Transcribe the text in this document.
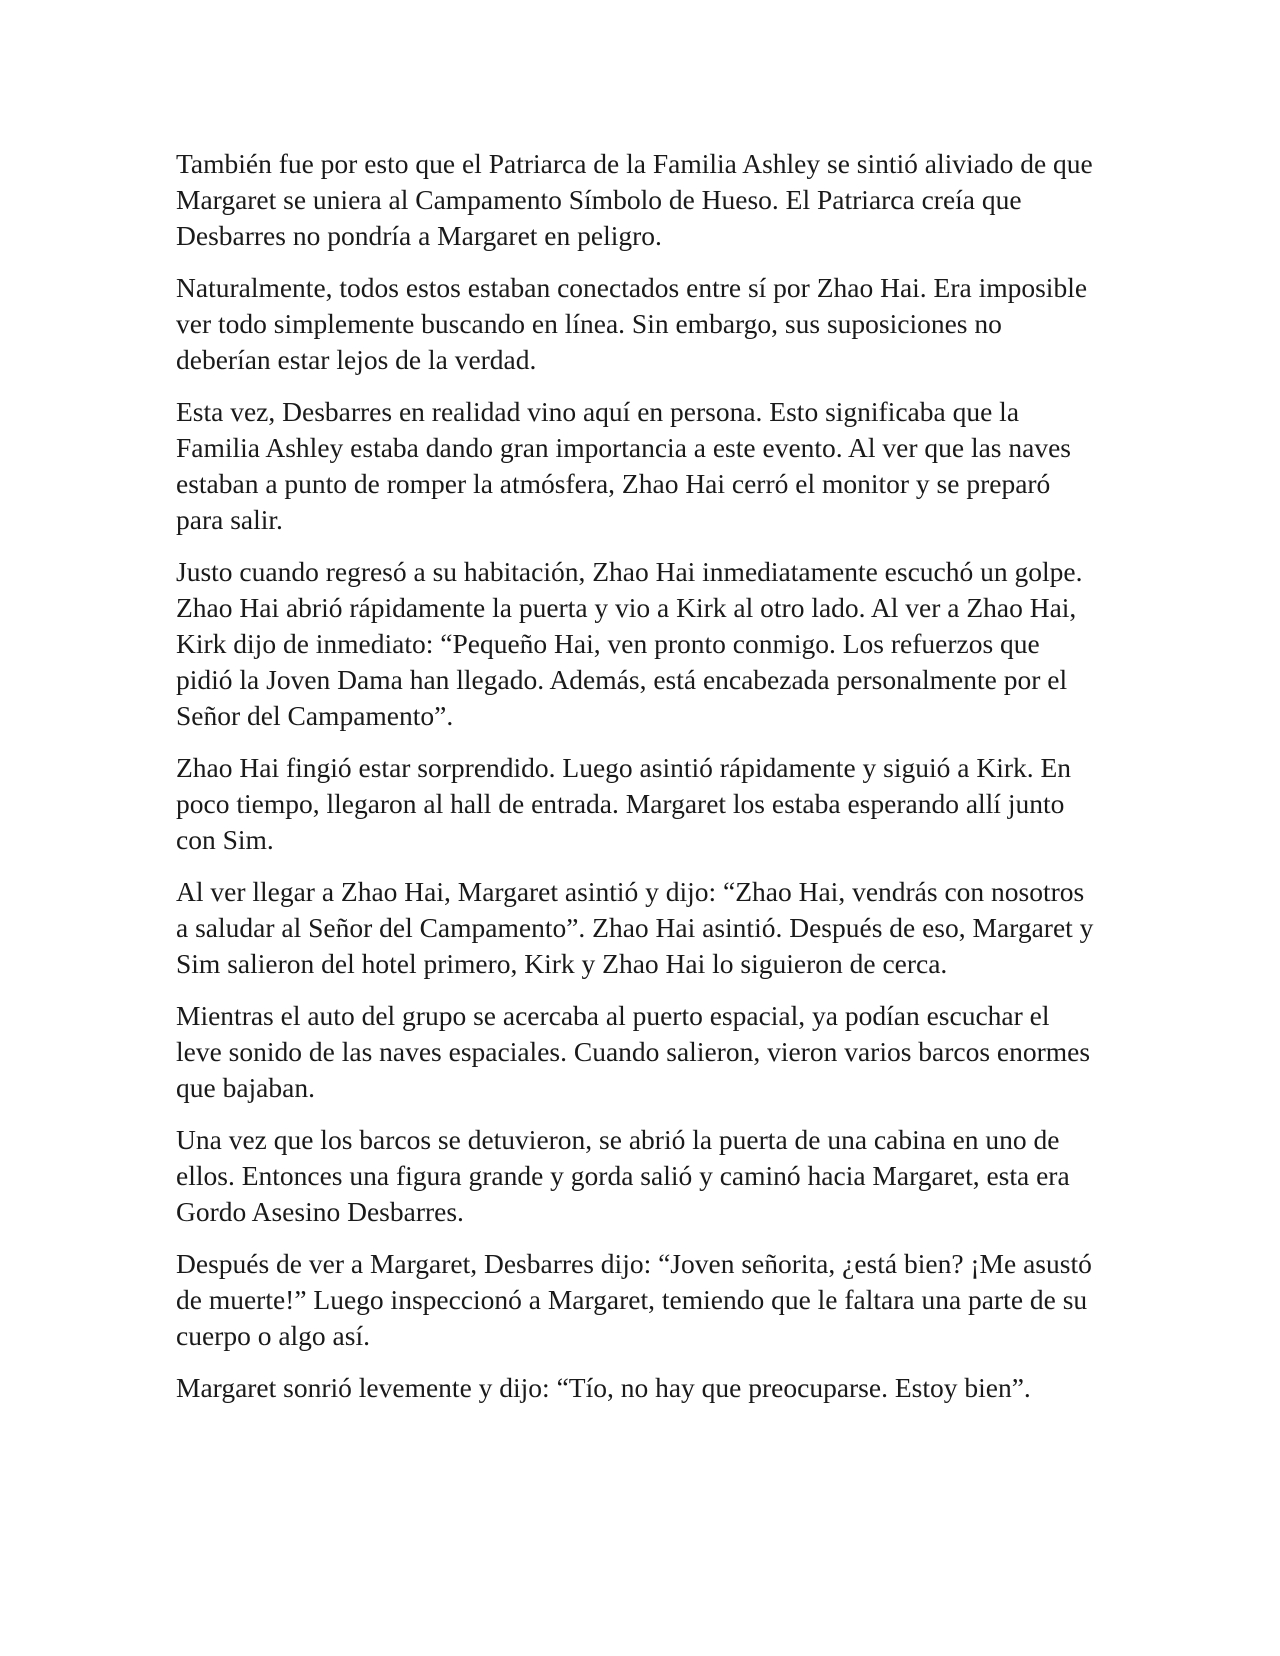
También fue por esto que el Patriarca de la Familia Ashley se sintió aliviado de que Margaret se uniera al Campamento Símbolo de Hueso. El Patriarca creía que Desbarres no pondría a Margaret en peligro.

Naturalmente, todos estos estaban conectados entre sí por Zhao Hai. Era imposible ver todo simplemente buscando en línea. Sin embargo, sus suposiciones no deberían estar lejos de la verdad.

Esta vez, Desbarres en realidad vino aquí en persona. Esto significaba que la Familia Ashley estaba dando gran importancia a este evento. Al ver que las naves estaban a punto de romper la atmósfera, Zhao Hai cerró el monitor y se preparó para salir.

Justo cuando regresó a su habitación, Zhao Hai inmediatamente escuchó un golpe. Zhao Hai abrió rápidamente la puerta y vio a Kirk al otro lado. Al ver a Zhao Hai, Kirk dijo de inmediato: “Pequeño Hai, ven pronto conmigo. Los refuerzos que pidió la Joven Dama han llegado. Además, está encabezada personalmente por el Señor del Campamento”.

Zhao Hai fingió estar sorprendido. Luego asintió rápidamente y siguió a Kirk. En poco tiempo, llegaron al hall de entrada. Margaret los estaba esperando allí junto con Sim.

Al ver llegar a Zhao Hai, Margaret asintió y dijo: “Zhao Hai, vendrás con nosotros a saludar al Señor del Campamento”. Zhao Hai asintió. Después de eso, Margaret y Sim salieron del hotel primero, Kirk y Zhao Hai lo siguieron de cerca.

Mientras el auto del grupo se acercaba al puerto espacial, ya podían escuchar el leve sonido de las naves espaciales. Cuando salieron, vieron varios barcos enormes que bajaban.

Una vez que los barcos se detuvieron, se abrió la puerta de una cabina en uno de ellos. Entonces una figura grande y gorda salió y caminó hacia Margaret, esta era Gordo Asesino Desbarres.

Después de ver a Margaret, Desbarres dijo: “Joven señorita, ¿está bien? ¡Me asustó de muerte!” Luego inspeccionó a Margaret, temiendo que le faltara una parte de su cuerpo o algo así.

Margaret sonrió levemente y dijo: “Tío, no hay que preocuparse. Estoy bien”.
